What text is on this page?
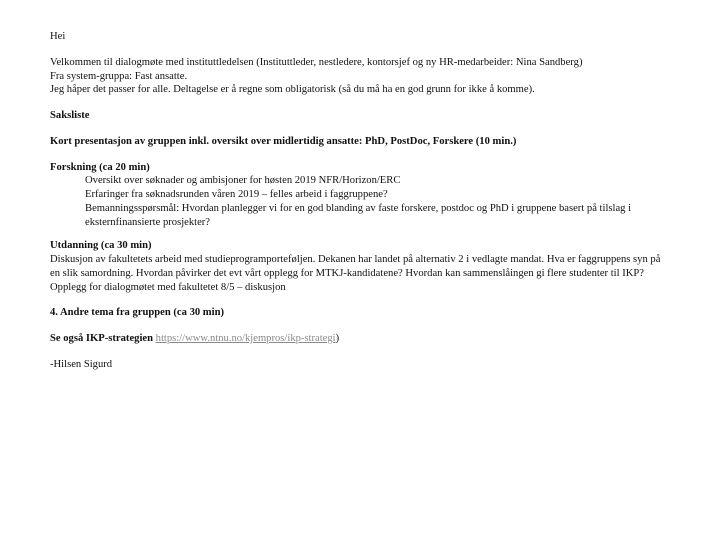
Hei

Velkommen til dialogmøte med instituttledelsen (Instituttleder, nestledere, kontorsjef og ny HR-medarbeider: Nina Sandberg)

Fra system-gruppa: Fast ansatte.

Jeg håper det passer for alle. Deltagelse er å regne som obligatorisk (så du må ha en god grunn for ikke å komme).

Saksliste

Kort presentasjon av gruppen inkl. oversikt over midlertidig ansatte: PhD, PostDoc, Forskere (10 min.)

Forskning (ca 20 min)

Oversikt over søknader og ambisjoner for høsten 2019 NFR/Horizon/ERC

Erfaringer fra søknadsrunden våren 2019 – felles arbeid i faggruppene?

Bemanningsspørsmål: Hvordan planlegger vi for en god blanding av faste forskere, postdoc og PhD i gruppene basert på tilslag i eksternfinansierte prosjekter?

Utdanning (ca 30 min)

Diskusjon av fakultetets arbeid med studieprogramporteføljen. Dekanen har landet på alternativ 2 i vedlagte mandat. Hva er faggruppens syn på en slik samordning. Hvordan påvirker det evt vårt opplegg for MTKJ-kandidatene? Hvordan kan sammenslåingen gi flere studenter til IKP?

Opplegg for dialogmøtet med fakultetet 8/5 – diskusjon

4. Andre tema fra gruppen (ca 30 min)

Se også IKP-strategien https://www.ntnu.no/kjempros/ikp-strategi)

-Hilsen Sigurd
